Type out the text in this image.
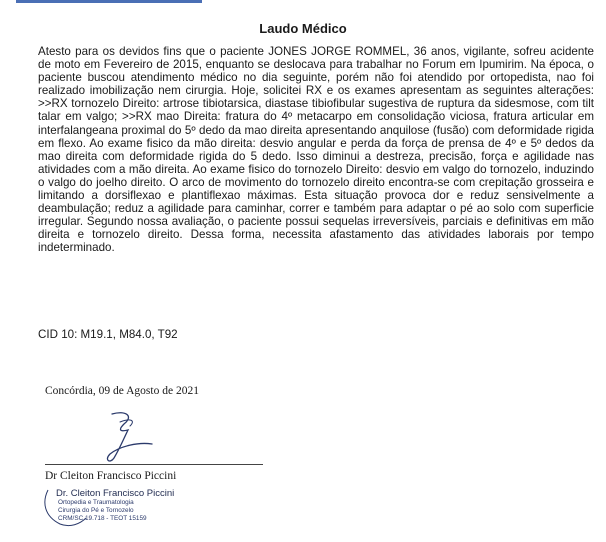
Laudo Médico

Atesto para os devidos fins que o paciente JONES JORGE ROMMEL, 36 anos, vigilante, sofreu acidente de moto em Fevereiro de 2015, enquanto se deslocava para trabalhar no Forum em Ipumirim. Na época, o paciente buscou atendimento médico no dia seguinte, porém não foi atendido por ortopedista, nao foi realizado imobilização nem cirurgia. Hoje, solicitei RX e os exames apresentam as seguintes alterações: >>RX tornozelo Direito: artrose tibiotarsica, diastase tibiofibular sugestiva de ruptura da sidesmose, com tilt talar em valgo; >>RX mao Direita: fratura do 4º metacarpo em consolidação viciosa, fratura articular em interfalangeana proximal do 5º dedo da mao direita apresentando anquilose (fusão) com deformidade rigida em flexo. Ao exame fisico da mão direita: desvio angular e perda da força de prensa de 4º e 5º dedos da mao direita com deformidade rigida do 5 dedo. Isso diminui a destreza, precisão, força e agilidade nas atividades com a mão direita. Ao exame fisico do tornozelo Direito: desvio em valgo do tornozelo, induzindo o valgo do joelho direito. O arco de movimento do tornozelo direito encontra-se com crepitação grosseira e limitando a dorsiflexao e plantiflexao máximas. Esta situação provoca dor e reduz sensivelmente a deambulação; reduz a agilidade para caminhar, correr e também para adaptar o pé ao solo com superficie irregular. Segundo nossa avaliação, o paciente possui sequelas irreversíveis, parciais e definitivas em mão direita e tornozelo direito. Dessa forma, necessita afastamento das atividades laborais por tempo indeterminado.

CID 10: M19.1, M84.0, T92

Concórdia, 09 de Agosto de 2021

Dr Cleiton Francisco Piccini

Dr. Cleiton Francisco Piccini

Ortopedia e Traumatologia

Cirurgia do Pé e Tornozelo

CRM/SC 19.718 - TEOT 15159
